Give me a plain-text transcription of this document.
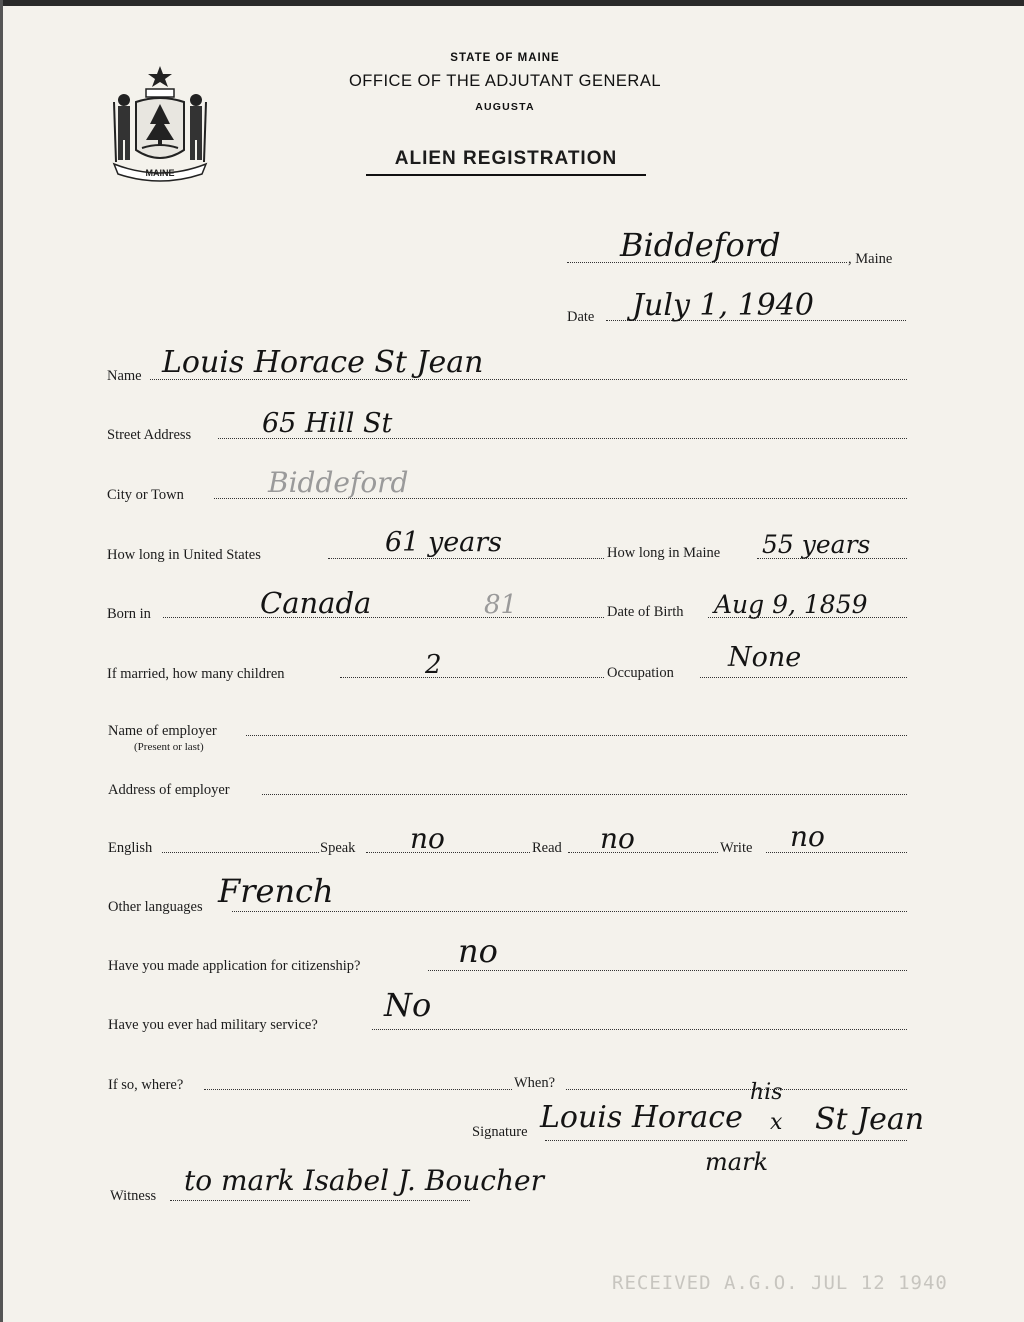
MAINE
STATE OF MAINE
OFFICE OF THE ADJUTANT GENERAL
AUGUSTA
ALIEN REGISTRATION
, Maine
Biddeford
Date July 1, 1940
Name Louis Horace St Jean
Street Address	65 Hill St
City or Town	Biddeford
How long in United States	61 years	How long in Maine 55 years
Born in	Canada	81	Date of Birth Aug 9, 1859
If married, how many children	2	Occupation None
Name of employer
(Present or last)
Address of employer
English	Speak no	Read no	Write no
Other languages French
Have you made application for citizenship?	no
Have you ever had military service?
No
If so, where?	When?
Signature Louis Horace
his
x St Jean
mark
Witness to mark Isabel J. Boucher
RECEIVED A.G.O. JUL 12 1940
